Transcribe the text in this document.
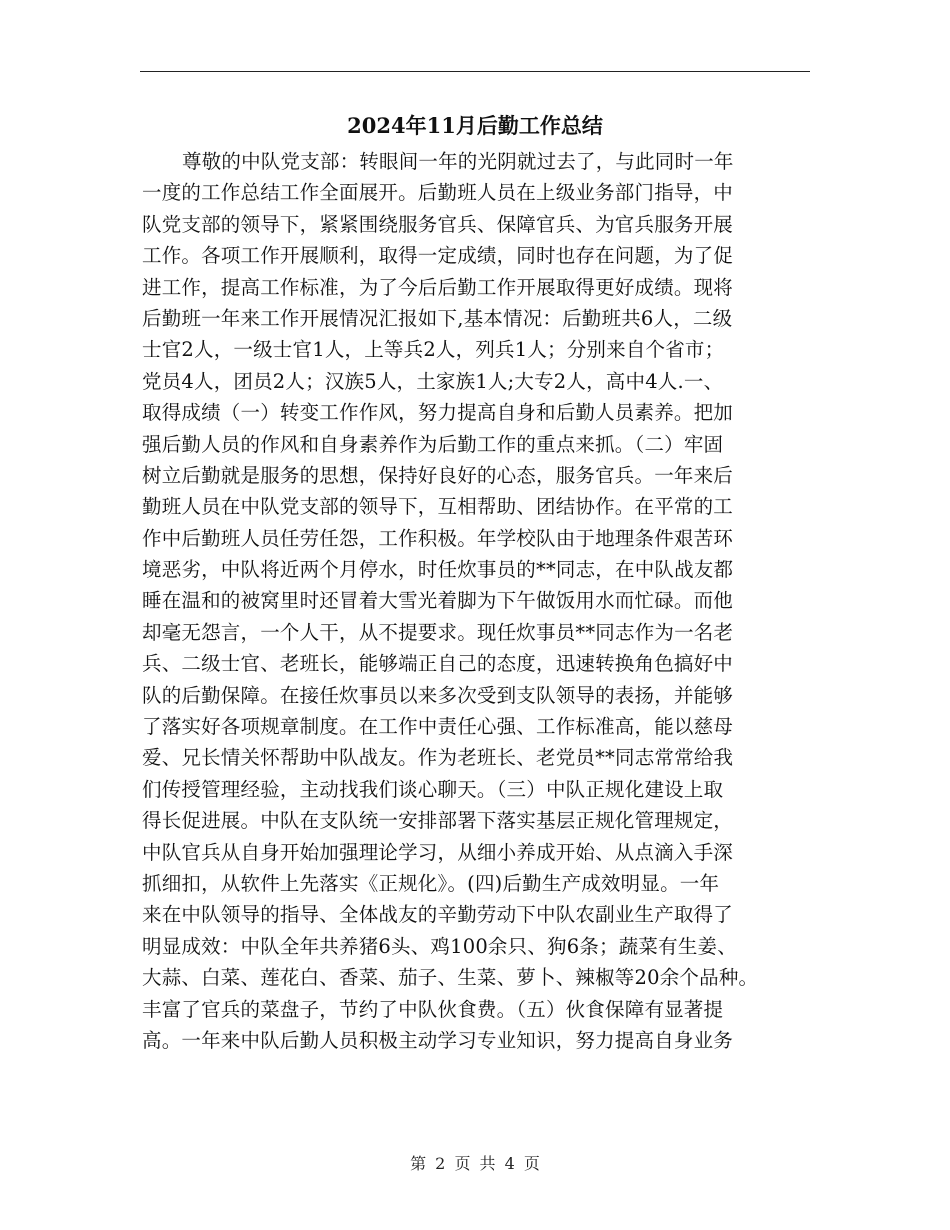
2024年11月后勤工作总结
尊敬的中队党支部：转眼间一年的光阴就过去了，与此同时一年
一度的工作总结工作全面展开。后勤班人员在上级业务部门指导，中
队党支部的领导下，紧紧围绕服务官兵、保障官兵、为官兵服务开展
工作。各项工作开展顺利，取得一定成绩，同时也存在问题，为了促
进工作，提高工作标准，为了今后后勤工作开展取得更好成绩。现将
后勤班一年来工作开展情况汇报如下,基本情况：后勤班共6人，二级
士官2人，一级士官1人，上等兵2人，列兵1人；分别来自个省市；
党员4人，团员2人；汉族5人，土家族1人;大专2人，高中4人.一、
取得成绩（一）转变工作作风，努力提高自身和后勤人员素养。把加
强后勤人员的作风和自身素养作为后勤工作的重点来抓。（二）牢固
树立后勤就是服务的思想，保持好良好的心态，服务官兵。一年来后
勤班人员在中队党支部的领导下，互相帮助、团结协作。在平常的工
作中后勤班人员任劳任怨，工作积极。年学校队由于地理条件艰苦环
境恶劣，中队将近两个月停水，时任炊事员的**同志，在中队战友都
睡在温和的被窝里时还冒着大雪光着脚为下午做饭用水而忙碌。而他
却毫无怨言，一个人干，从不提要求。现任炊事员**同志作为一名老
兵、二级士官、老班长，能够端正自己的态度，迅速转换角色搞好中
队的后勤保障。在接任炊事员以来多次受到支队领导的表扬，并能够
了落实好各项规章制度。在工作中责任心强、工作标准高，能以慈母
爱、兄长情关怀帮助中队战友。作为老班长、老党员**同志常常给我
们传授管理经验，主动找我们谈心聊天。（三）中队正规化建设上取
得长促进展。中队在支队统一安排部署下落实基层正规化管理规定，
中队官兵从自身开始加强理论学习，从细小养成开始、从点滴入手深
抓细扣，从软件上先落实《正规化》。(四)后勤生产成效明显。一年
来在中队领导的指导、全体战友的辛勤劳动下中队农副业生产取得了
明显成效：中队全年共养猪6头、鸡100余只、狗6条；蔬菜有生姜、
大蒜、白菜、莲花白、香菜、茄子、生菜、萝卜、辣椒等20余个品种。
丰富了官兵的菜盘子，节约了中队伙食费。（五）伙食保障有显著提
高。一年来中队后勤人员积极主动学习专业知识，努力提高自身业务
第 2 页 共 4 页
